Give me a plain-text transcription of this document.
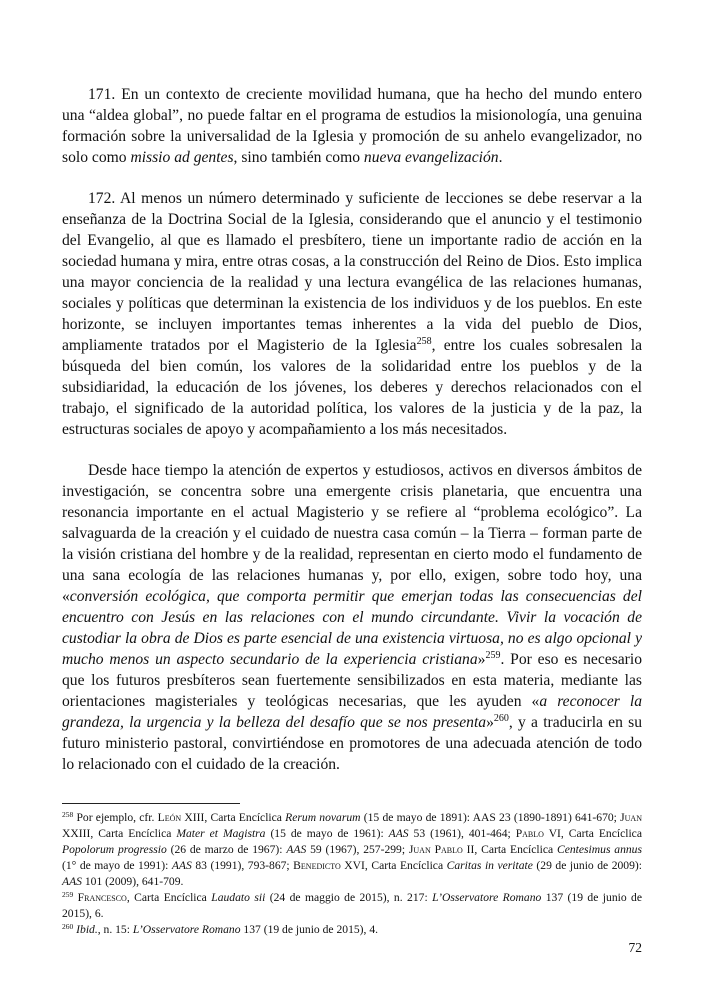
171. En un contexto de creciente movilidad humana, que ha hecho del mundo entero una “aldea global”, no puede faltar en el programa de estudios la misionología, una genuina formación sobre la universalidad de la Iglesia y promoción de su anhelo evangelizador, no solo como missio ad gentes, sino también como nueva evangelización.

172. Al menos un número determinado y suficiente de lecciones se debe reservar a la enseñanza de la Doctrina Social de la Iglesia, considerando que el anuncio y el testimonio del Evangelio, al que es llamado el presbítero, tiene un importante radio de acción en la sociedad humana y mira, entre otras cosas, a la construcción del Reino de Dios. Esto implica una mayor conciencia de la realidad y una lectura evangélica de las relaciones humanas, sociales y políticas que determinan la existencia de los individuos y de los pueblos. En este horizonte, se incluyen importantes temas inherentes a la vida del pueblo de Dios, ampliamente tratados por el Magisterio de la Iglesia$^{258}$, entre los cuales sobresalen la búsqueda del bien común, los valores de la solidaridad entre los pueblos y de la subsidiaridad, la educación de los jóvenes, los deberes y derechos relacionados con el trabajo, el significado de la autoridad política, los valores de la justicia y de la paz, la estructuras sociales de apoyo y acompañamiento a los más necesitados.

Desde hace tiempo la atención de expertos y estudiosos, activos en diversos ámbitos de investigación, se concentra sobre una emergente crisis planetaria, que encuentra una resonancia importante en el actual Magisterio y se refiere al “problema ecológico”. La salvaguarda de la creación y el cuidado de nuestra casa común – la Tierra – forman parte de la visión cristiana del hombre y de la realidad, representan en cierto modo el fundamento de una sana ecología de las relaciones humanas y, por ello, exigen, sobre todo hoy, una «conversión ecológica, que comporta permitir que emerjan todas las consecuencias del encuentro con Jesús en las relaciones con el mundo circundante. Vivir la vocación de custodiar la obra de Dios es parte esencial de una existencia virtuosa, no es algo opcional y mucho menos un aspecto secundario de la experiencia cristiana»$^{259}$. Por eso es necesario que los futuros presbíteros sean fuertemente sensibilizados en esta materia, mediante las orientaciones magisteriales y teológicas necesarias, que les ayuden «a reconocer la grandeza, la urgencia y la belleza del desafío que se nos presenta»$^{260}$, y a traducirla en su futuro ministerio pastoral, convirtiéndose en promotores de una adecuada atención de todo lo relacionado con el cuidado de la creación.

$^{258}$ Por ejemplo, cfr. León XIII, Carta Encíclica Rerum novarum (15 de mayo de 1891): AAS 23 (1890-1891) 641-670; Juan XXIII, Carta Encíclica Mater et Magistra (15 de mayo de 1961): AAS 53 (1961), 401-464; Pablo VI, Carta Encíclica Popolorum progressio (26 de marzo de 1967): AAS 59 (1967), 257-299; Juan Pablo II, Carta Encíclica Centesimus annus (1° de mayo de 1991): AAS 83 (1991), 793-867; Benedicto XVI, Carta Encíclica Caritas in veritate (29 de junio de 2009): AAS 101 (2009), 641-709.

$^{259}$ Francesco, Carta Encíclica Laudato sii (24 de maggio de 2015), n. 217: L’Osservatore Romano 137 (19 de junio de 2015), 6.

$^{260}$ Ibid., n. 15: L’Osservatore Romano 137 (19 de junio de 2015), 4.

72
